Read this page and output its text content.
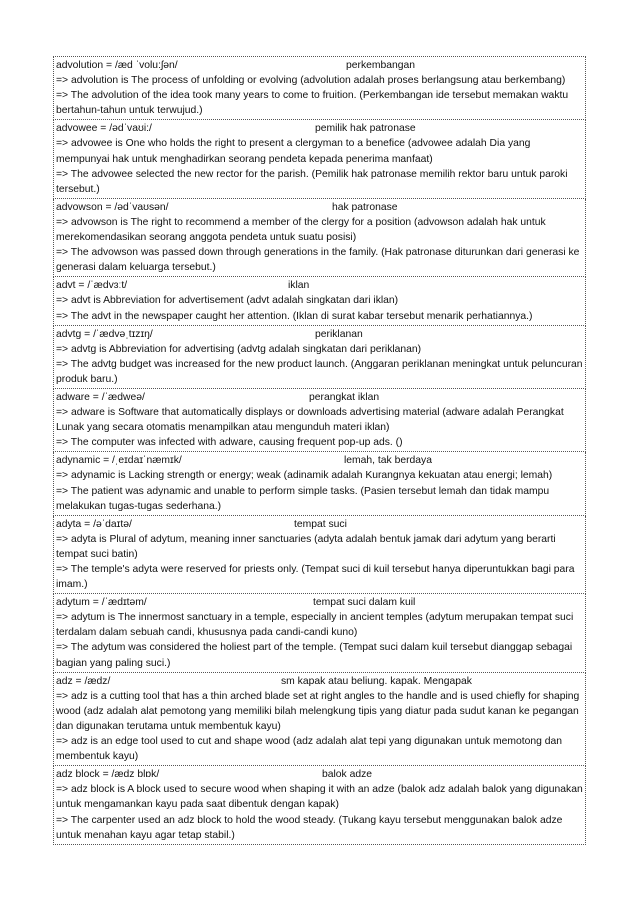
advolution = /æd ˈvolu:ʃən/	perkembangan
=> advolution is The process of unfolding or evolving (advolution adalah proses berlangsung atau berkembang)
=> The advolution of the idea took many years to come to fruition. (Perkembangan ide tersebut memakan waktu bertahun-tahun untuk terwujud.)
advowee = /ədˈvaʊi:/	pemilik hak patronase
=> advowee is One who holds the right to present a clergyman to a benefice (advowee adalah Dia yang mempunyai hak untuk menghadirkan seorang pendeta kepada penerima manfaat)
=> The advowee selected the new rector for the parish. (Pemilik hak patronase memilih rektor baru untuk paroki tersebut.)
advowson = /ədˈvaʊsən/	hak patronase
=> advowson is The right to recommend a member of the clergy for a position (advowson adalah hak untuk merekomendasikan seorang anggota pendeta untuk suatu posisi)
=> The advowson was passed down through generations in the family. (Hak patronase diturunkan dari generasi ke generasi dalam keluarga tersebut.)
advt = /ˈædvɜːt/	iklan
=> advt is Abbreviation for advertisement (advt adalah singkatan dari iklan)
=> The advt in the newspaper caught her attention. (Iklan di surat kabar tersebut menarik perhatiannya.)
advtg = /ˈædvəˌtɪzɪŋ/	periklanan
=> advtg is Abbreviation for advertising (advtg adalah singkatan dari periklanan)
=> The advtg budget was increased for the new product launch. (Anggaran periklanan meningkat untuk peluncuran produk baru.)
adware = /ˈædweə/	perangkat iklan
=> adware is Software that automatically displays or downloads advertising material (adware adalah Perangkat Lunak yang secara otomatis menampilkan atau mengunduh materi iklan)
=> The computer was infected with adware, causing frequent pop-up ads. ()
adynamic = /ˌeɪdaɪˈnæmɪk/	lemah, tak berdaya
=> adynamic is Lacking strength or energy; weak (adinamik adalah Kurangnya kekuatan atau energi; lemah)
=> The patient was adynamic and unable to perform simple tasks. (Pasien tersebut lemah dan tidak mampu melakukan tugas-tugas sederhana.)
adyta = /əˈdaɪtə/	tempat suci
=> adyta is Plural of adytum, meaning inner sanctuaries (adyta adalah bentuk jamak dari adytum yang berarti tempat suci batin)
=> The temple's adyta were reserved for priests only. (Tempat suci di kuil tersebut hanya diperuntukkan bagi para imam.)
adytum = /ˈædɪtəm/	tempat suci dalam kuil
=> adytum is The innermost sanctuary in a temple, especially in ancient temples (adytum merupakan tempat suci terdalam dalam sebuah candi, khususnya pada candi-candi kuno)
=> The adytum was considered the holiest part of the temple. (Tempat suci dalam kuil tersebut dianggap sebagai bagian yang paling suci.)
adz = /ædz/	sm kapak atau beliung. kapak. Mengapak
=> adz is a cutting tool that has a thin arched blade set at right angles to the handle and is used chiefly for shaping wood (adz adalah alat pemotong yang memiliki bilah melengkung tipis yang diatur pada sudut kanan ke pegangan dan digunakan terutama untuk membentuk kayu)
=> adz is an edge tool used to cut and shape wood (adz adalah alat tepi yang digunakan untuk memotong dan membentuk kayu)
adz block = /ædz blɒk/	balok adze
=> adz block is A block used to secure wood when shaping it with an adze (balok adz adalah balok yang digunakan untuk mengamankan kayu pada saat dibentuk dengan kapak)
=> The carpenter used an adz block to hold the wood steady. (Tukang kayu tersebut menggunakan balok adze untuk menahan kayu agar tetap stabil.)
